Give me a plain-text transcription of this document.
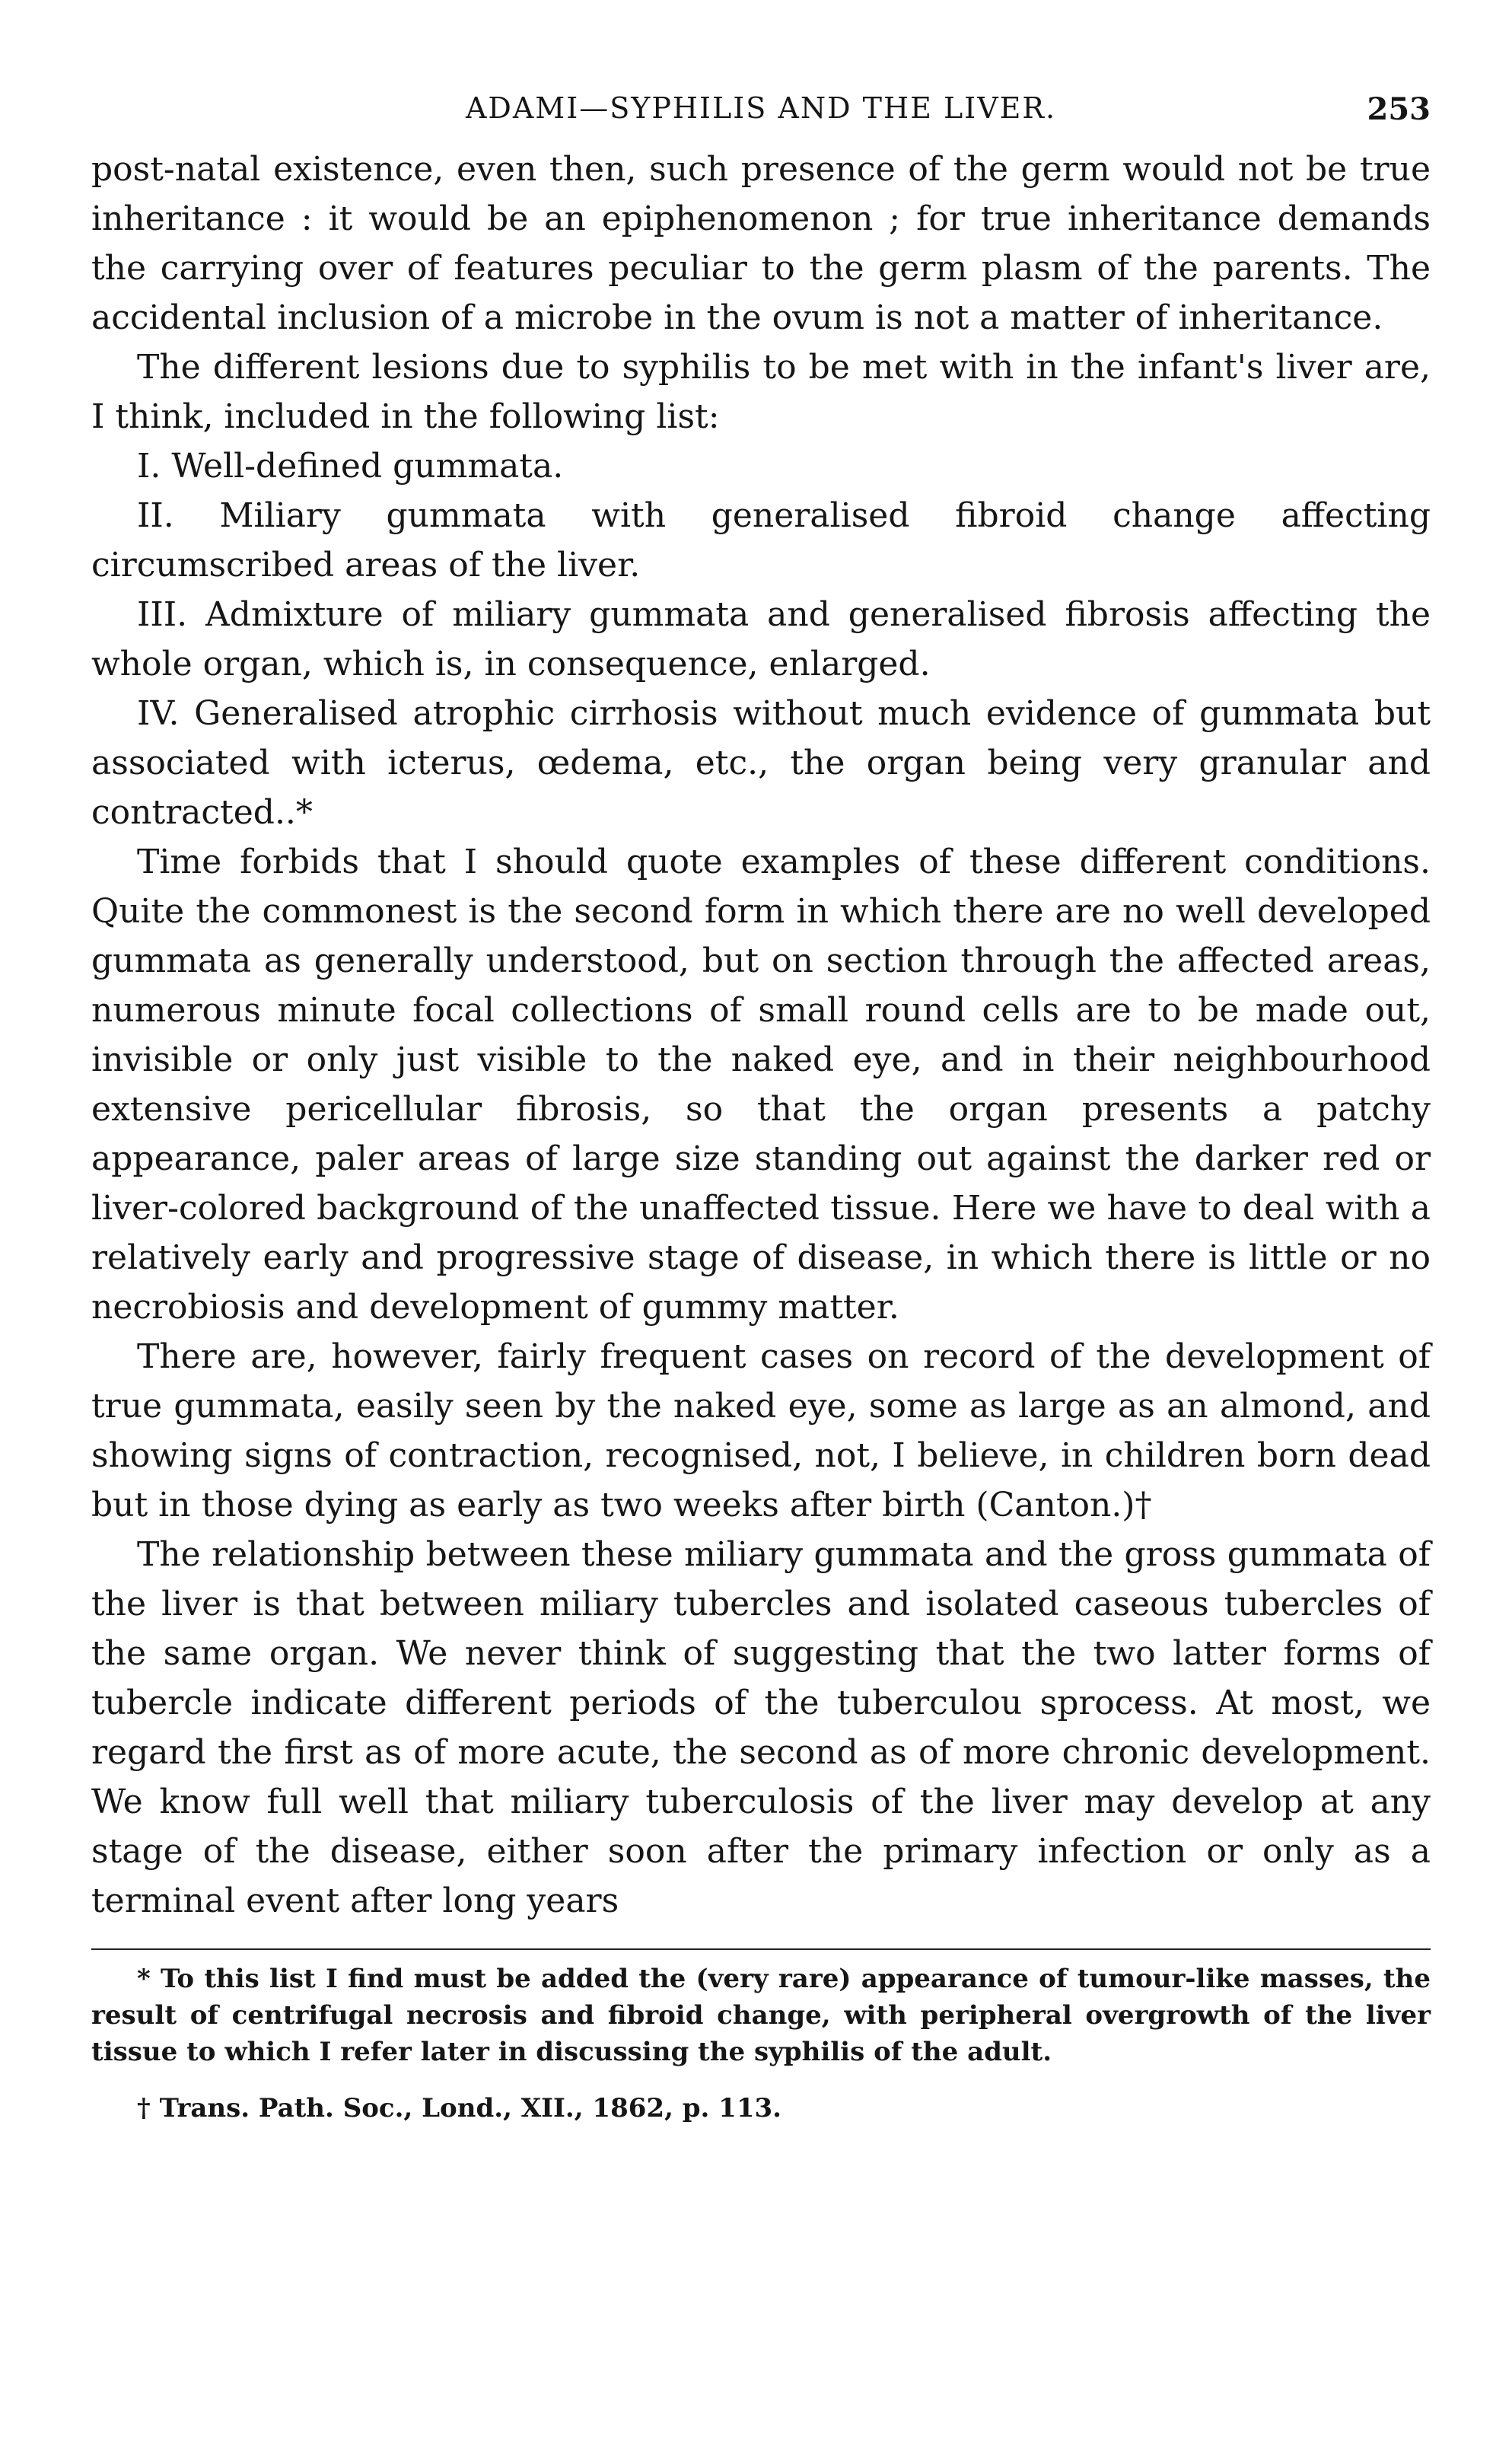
ADAMI—SYPHILIS AND THE LIVER.	253

post-natal existence, even then, such presence of the germ would not be true inheritance : it would be an epiphenomenon ; for true inheritance demands the carrying over of features peculiar to the germ plasm of the parents. The accidental inclusion of a microbe in the ovum is not a matter of inheritance.

The different lesions due to syphilis to be met with in the infant's liver are, I think, included in the following list:

I. Well-defined gummata.

II. Miliary gummata with generalised fibroid change affecting circumscribed areas of the liver.

III. Admixture of miliary gummata and generalised fibrosis affecting the whole organ, which is, in consequence, enlarged.

IV. Generalised atrophic cirrhosis without much evidence of gummata but associated with icterus, œdema, etc., the organ being very granular and contracted..*

Time forbids that I should quote examples of these different conditions. Quite the commonest is the second form in which there are no well developed gummata as generally understood, but on section through the affected areas, numerous minute focal collections of small round cells are to be made out, invisible or only just visible to the naked eye, and in their neighbourhood extensive pericellular fibrosis, so that the organ presents a patchy appearance, paler areas of large size standing out against the darker red or liver-colored background of the unaffected tissue. Here we have to deal with a relatively early and progressive stage of disease, in which there is little or no necrobiosis and development of gummy matter.

There are, however, fairly frequent cases on record of the development of true gummata, easily seen by the naked eye, some as large as an almond, and showing signs of contraction, recognised, not, I believe, in children born dead but in those dying as early as two weeks after birth (Canton.)†

The relationship between these miliary gummata and the gross gummata of the liver is that between miliary tubercles and isolated caseous tubercles of the same organ. We never think of suggesting that the two latter forms of tubercle indicate different periods of the tuberculou sprocess. At most, we regard the first as of more acute, the second as of more chronic development. We know full well that miliary tuberculosis of the liver may develop at any stage of the disease, either soon after the primary infection or only as a terminal event after long years

* To this list I find must be added the (very rare) appearance of tumour-like masses, the result of centrifugal necrosis and fibroid change, with peripheral overgrowth of the liver tissue to which I refer later in discussing the syphilis of the adult.

† Trans. Path. Soc., Lond., XII., 1862, p. 113.
